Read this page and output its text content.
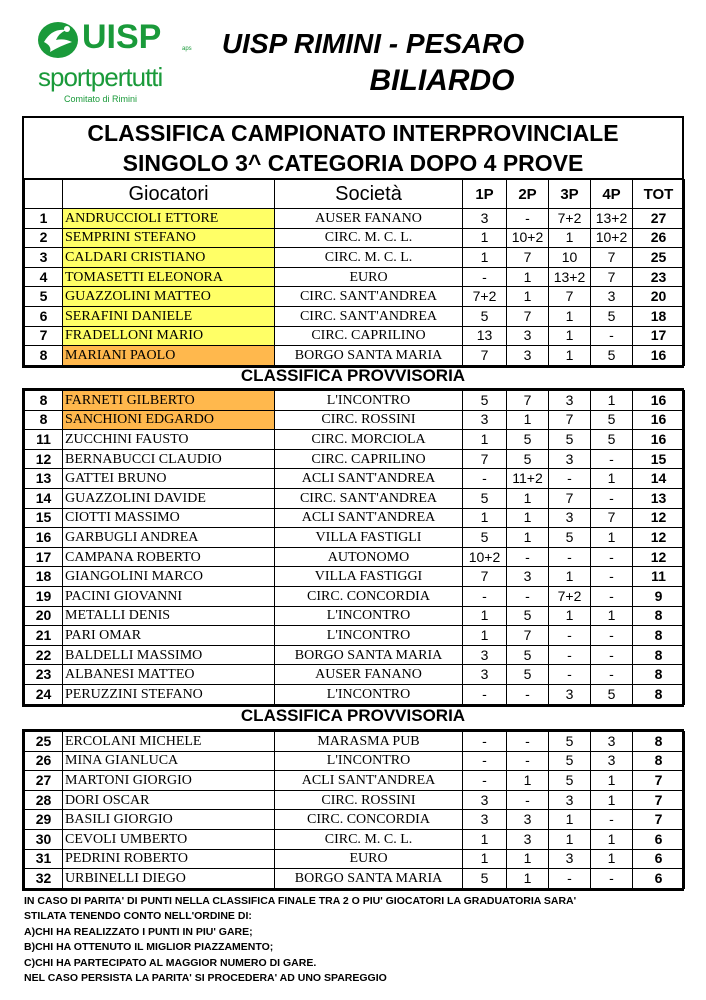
UISP	aps
sportpertutti
Comitato di Rimini
UISP RIMINI - PESARO
BILIARDO
CLASSIFICA CAMPIONATO INTERPROVINCIALE
SINGOLO 3^ CATEGORIA DOPO 4 PROVE
	Giocatori	Società	1P	2P	3P	4P	TOT
1	ANDRUCCIOLI ETTORE	AUSER FANANO	3	-	7+2	13+2	27
2	SEMPRINI STEFANO	CIRC. M. C. L.	1	10+2	1	10+2	26
3	CALDARI CRISTIANO	CIRC. M. C. L.	1	7	10	7	25
4	TOMASETTI ELEONORA	EURO	-	1	13+2	7	23
5	GUAZZOLINI MATTEO	CIRC. SANT'ANDREA	7+2	1	7	3	20
6	SERAFINI DANIELE	CIRC. SANT'ANDREA	5	7	1	5	18
7	FRADELLONI MARIO	CIRC. CAPRILINO	13	3	1	-	17
8	MARIANI PAOLO	BORGO SANTA MARIA	7	3	1	5	16
CLASSIFICA PROVVISORIA
8	FARNETI GILBERTO	L'INCONTRO	5	7	3	1	16
8	SANCHIONI EDGARDO	CIRC. ROSSINI	3	1	7	5	16
11	ZUCCHINI FAUSTO	CIRC. MORCIOLA	1	5	5	5	16
12	BERNABUCCI CLAUDIO	CIRC. CAPRILINO	7	5	3	-	15
13	GATTEI BRUNO	ACLI SANT'ANDREA	-	11+2	-	1	14
14	GUAZZOLINI DAVIDE	CIRC. SANT'ANDREA	5	1	7	-	13
15	CIOTTI MASSIMO	ACLI SANT'ANDREA	1	1	3	7	12
16	GARBUGLI ANDREA	VILLA FASTIGLI	5	1	5	1	12
17	CAMPANA ROBERTO	AUTONOMO	10+2	-	-	-	12
18	GIANGOLINI MARCO	VILLA FASTIGGI	7	3	1	-	11
19	PACINI GIOVANNI	CIRC. CONCORDIA	-	-	7+2	-	9
20	METALLI DENIS	L'INCONTRO	1	5	1	1	8
21	PARI OMAR	L'INCONTRO	1	7	-	-	8
22	BALDELLI MASSIMO	BORGO SANTA MARIA	3	5	-	-	8
23	ALBANESI MATTEO	AUSER FANANO	3	5	-	-	8
24	PERUZZINI STEFANO	L'INCONTRO	-	-	3	5	8
CLASSIFICA PROVVISORIA
25	ERCOLANI MICHELE	MARASMA PUB	-	-	5	3	8
26	MINA GIANLUCA	L'INCONTRO	-	-	5	3	8
27	MARTONI GIORGIO	ACLI SANT'ANDREA	-	1	5	1	7
28	DORI OSCAR	CIRC. ROSSINI	3	-	3	1	7
29	BASILI GIORGIO	CIRC. CONCORDIA	3	3	1	-	7
30	CEVOLI UMBERTO	CIRC. M. C. L.	1	3	1	1	6
31	PEDRINI ROBERTO	EURO	1	1	3	1	6
32	URBINELLI DIEGO	BORGO SANTA MARIA	5	1	-	-	6
IN CASO DI PARITA' DI PUNTI NELLA CLASSIFICA FINALE TRA 2 O PIU' GIOCATORI LA GRADUATORIA SARA'
STILATA TENENDO CONTO NELL'ORDINE DI:
A)CHI HA REALIZZATO I PUNTI IN PIU' GARE;
B)CHI HA OTTENUTO IL MIGLIOR PIAZZAMENTO;
C)CHI HA PARTECIPATO AL MAGGIOR NUMERO DI GARE.
NEL CASO PERSISTA LA PARITA' SI PROCEDERA' AD UNO SPAREGGIO
